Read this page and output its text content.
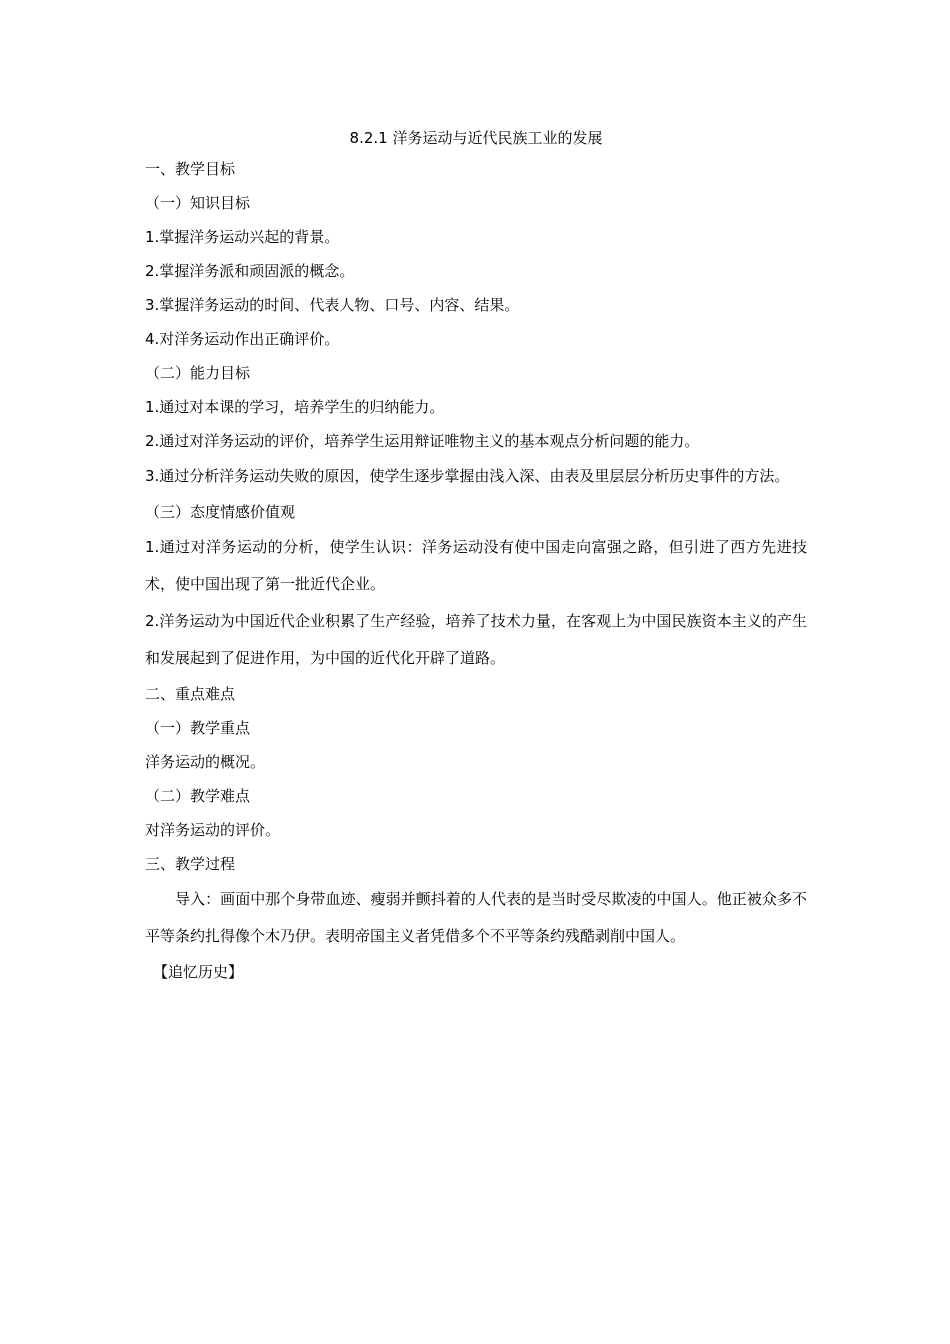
8.2.1 洋务运动与近代民族工业的发展

一、教学目标

（一）知识目标

1.掌握洋务运动兴起的背景。

2.掌握洋务派和顽固派的概念。

3.掌握洋务运动的时间、代表人物、口号、内容、结果。

4.对洋务运动作出正确评价。

（二）能力目标

1.通过对本课的学习，培养学生的归纳能力。

2.通过对洋务运动的评价，培养学生运用辩证唯物主义的基本观点分析问题的能力。

3.通过分析洋务运动失败的原因，使学生逐步掌握由浅入深、由表及里层层分析历史事件的方法。

（三）态度情感价值观

1.通过对洋务运动的分析，使学生认识：洋务运动没有使中国走向富强之路，但引进了西方先进技术，使中国出现了第一批近代企业。

2.洋务运动为中国近代企业积累了生产经验，培养了技术力量，在客观上为中国民族资本主义的产生和发展起到了促进作用，为中国的近代化开辟了道路。

二、重点难点

（一）教学重点

洋务运动的概况。

（二）教学难点

对洋务运动的评价。

三、教学过程

导入：画面中那个身带血迹、瘦弱并颤抖着的人代表的是当时受尽欺凌的中国人。他正被众多不平等条约扎得像个木乃伊。表明帝国主义者凭借多个不平等条约残酷剥削中国人。

【追忆历史】
